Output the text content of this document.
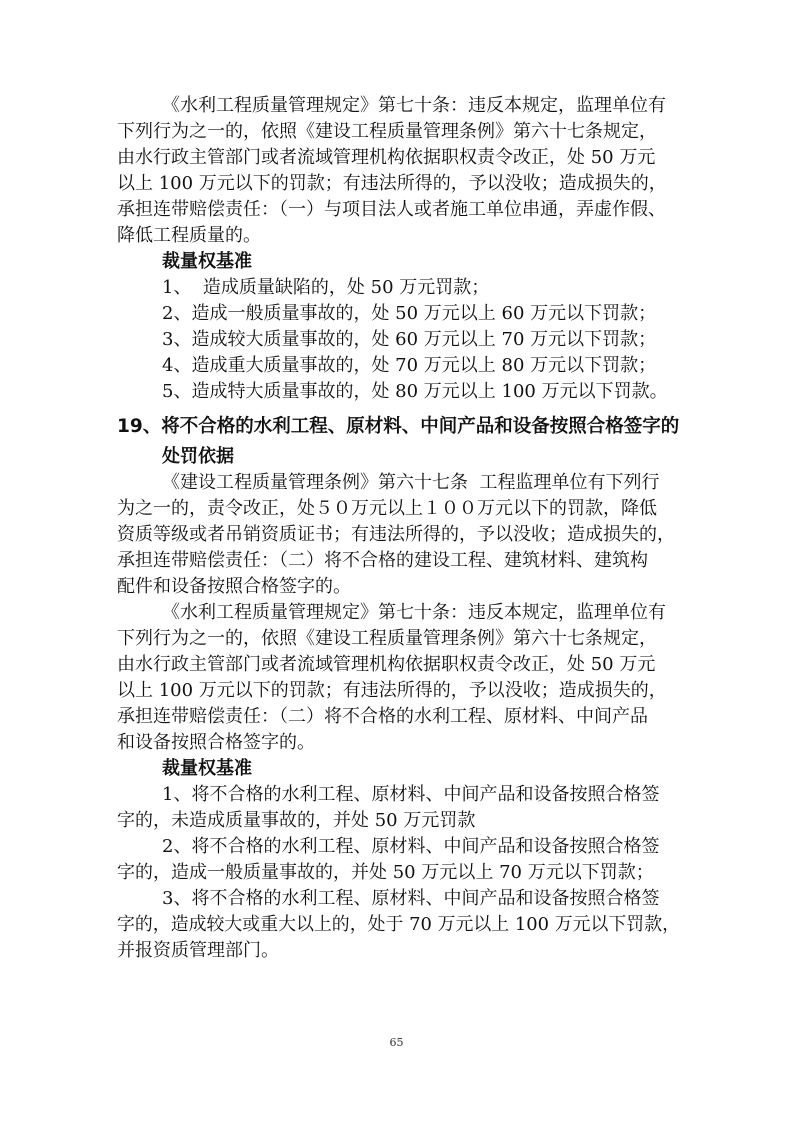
《水利工程质量管理规定》第七十条：违反本规定，监理单位有
下列行为之一的，依照《建设工程质量管理条例》第六十七条规定，
由水行政主管部门或者流域管理机构依据职权责令改正，处 50 万元
以上 100 万元以下的罚款；有违法所得的，予以没收；造成损失的，
承担连带赔偿责任：（一）与项目法人或者施工单位串通，弄虚作假、
降低工程质量的。
裁量权基准
1、  造成质量缺陷的，处 50 万元罚款；
2、造成一般质量事故的，处 50 万元以上 60 万元以下罚款；
3、造成较大质量事故的，处 60 万元以上 70 万元以下罚款；
4、造成重大质量事故的，处 70 万元以上 80 万元以下罚款；
5、造成特大质量事故的，处 80 万元以上 100 万元以下罚款。
19、将不合格的水利工程、原材料、中间产品和设备按照合格签字的
处罚依据
《建设工程质量管理条例》第六十七条  工程监理单位有下列行
为之一的，责令改正，处５０万元以上１００万元以下的罚款，降低
资质等级或者吊销资质证书；有违法所得的，予以没收；造成损失的，
承担连带赔偿责任：（二）将不合格的建设工程、建筑材料、建筑构
配件和设备按照合格签字的。
《水利工程质量管理规定》第七十条：违反本规定，监理单位有
下列行为之一的，依照《建设工程质量管理条例》第六十七条规定，
由水行政主管部门或者流域管理机构依据职权责令改正，处 50 万元
以上 100 万元以下的罚款；有违法所得的，予以没收；造成损失的，
承担连带赔偿责任：（二）将不合格的水利工程、原材料、中间产品
和设备按照合格签字的。
裁量权基准
1、将不合格的水利工程、原材料、中间产品和设备按照合格签
字的，未造成质量事故的，并处 50 万元罚款
2、将不合格的水利工程、原材料、中间产品和设备按照合格签
字的，造成一般质量事故的，并处 50 万元以上 70 万元以下罚款；
3、将不合格的水利工程、原材料、中间产品和设备按照合格签
字的，造成较大或重大以上的，处于 70 万元以上 100 万元以下罚款，
并报资质管理部门。
65
